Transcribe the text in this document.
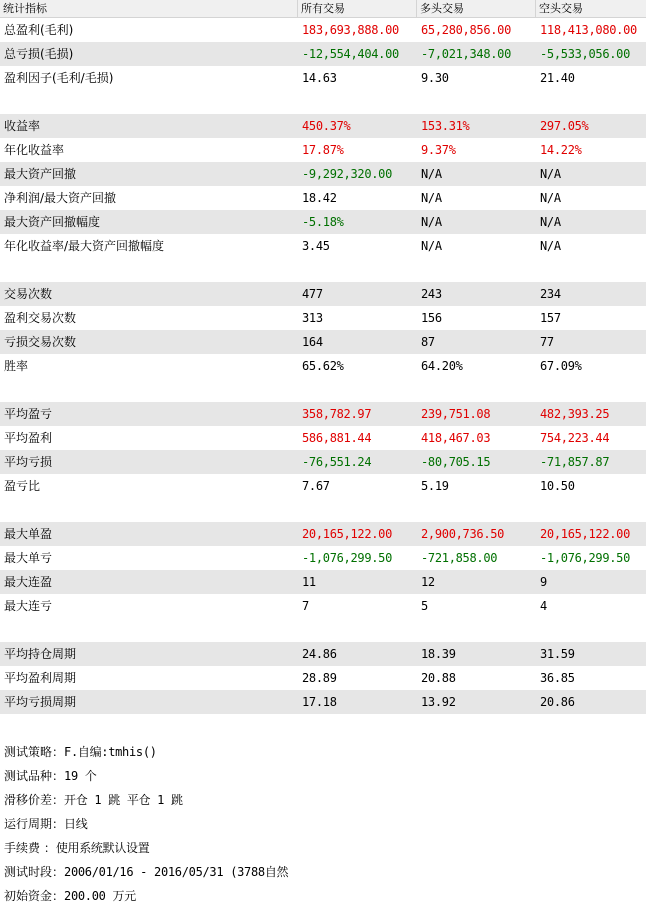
统计指标	所有交易	多头交易	空头交易
总盈利(毛利)	183,693,888.00	65,280,856.00	118,413,080.00
总亏损(毛损)	-12,554,404.00	-7,021,348.00	-5,533,056.00
盈利因子(毛利/毛损)	14.63	9.30	21.40
收益率	450.37%	153.31%	297.05%
年化收益率	17.87%	9.37%	14.22%
最大资产回撤	-9,292,320.00	N/A	N/A
净利润/最大资产回撤	18.42	N/A	N/A
最大资产回撤幅度	-5.18%	N/A	N/A
年化收益率/最大资产回撤幅度	3.45	N/A	N/A
交易次数	477	243	234
盈利交易次数	313	156	157
亏损交易次数	164	87	77
胜率	65.62%	64.20%	67.09%
平均盈亏	358,782.97	239,751.08	482,393.25
平均盈利	586,881.44	418,467.03	754,223.44
平均亏损	-76,551.24	-80,705.15	-71,857.87
盈亏比	7.67	5.19	10.50
最大单盈	20,165,122.00	2,900,736.50	20,165,122.00
最大单亏	-1,076,299.50	-721,858.00	-1,076,299.50
最大连盈	11	12	9
最大连亏	7	5	4
平均持仓周期	24.86	18.39	31.59
平均盈利周期	28.89	20.88	36.85
平均亏损周期	17.18	13.92	20.86
测试策略：F.自编:tmhis()
测试品种：19 个
滑移价差：开仓 1 跳 平仓 1 跳
运行周期：日线
手续费 ：使用系统默认设置
测试时段：2006/01/16 - 2016/05/31 (3788自然
初始资金：200.00 万元
